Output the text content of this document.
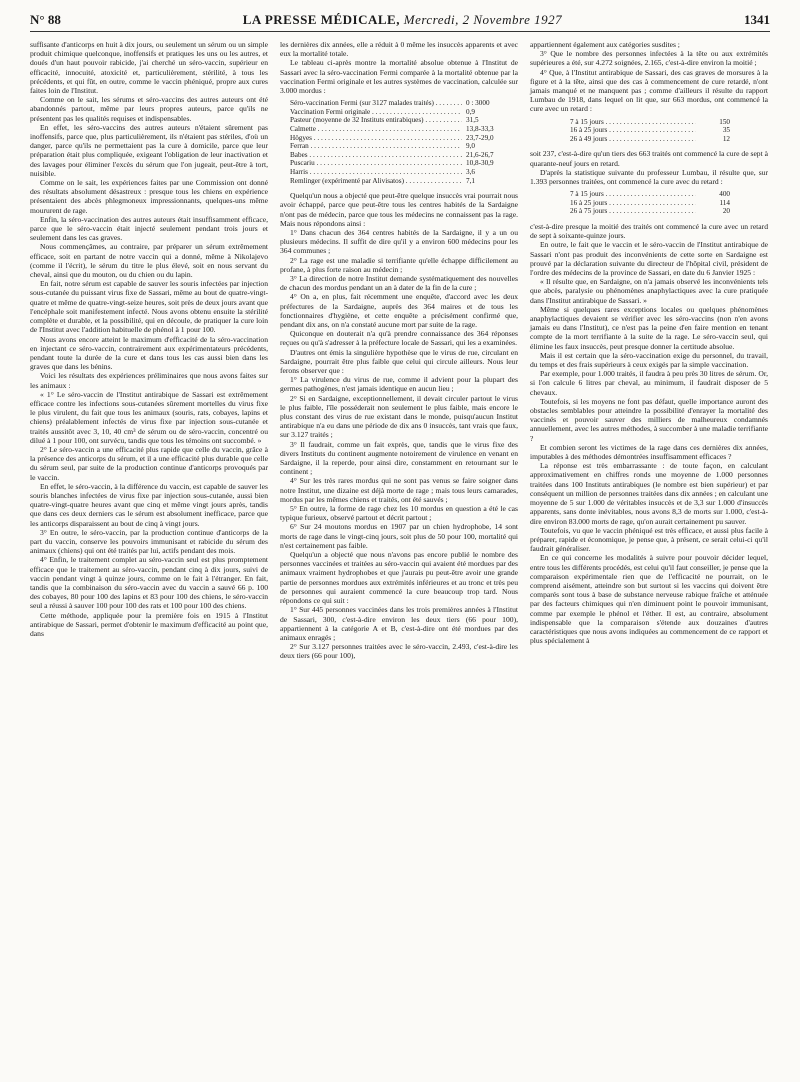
N° 88	LA PRESSE MÉDICALE, Mercredi, 2 Novembre 1927	1341

suffisante d'anticorps en huit à dix jours, ou seulement un sérum ou un simple produit chimique quelconque, inoffensifs et pratiques les uns ou les autres, et doués d'un haut pouvoir rabicide, j'ai cherché un séro-vaccin, supérieur en efficacité, innocuité, atoxicité et, particulièrement, stérilité, à tous les précédents, et qui fût, en outre, comme le vaccin phéniqué, propre aux cures faites loin de l'Institut.

Comme on le sait, les sérums et séro-vaccins des autres auteurs ont été abandonnés partout, même par leurs propres auteurs, parce qu'ils ne présentent pas les qualités requises et indispensables.

En effet, les séro-vaccins des autres auteurs n'étaient sûrement pas inoffensifs, parce que, plus particulièrement, ils n'étaient pas stériles, d'où un danger, parce qu'ils ne permettaient pas la cure à domicile, parce que leur préparation était plus compliquée, exigeant l'obligation de leur inactivation et des lavages pour éliminer l'excès du sérum que l'on jugeait, peut-être à tort, nuisible.

Comme on le sait, les expériences faites par une Commission ont donné des résultats absolument désastreux : presque tous les chiens en expérience présentaient des abcès phlegmoneux impressionnants, quelques-uns même moururent de rage.

Enfin, la séro-vaccination des autres auteurs était insuffisamment efficace, parce que le séro-vaccin était injecté seulement pendant trois jours et seulement dans les cas graves.

Nous commençâmes, au contraire, par préparer un sérum extrêmement efficace, soit en partant de notre vaccin qui a donné, même à Nikolajevo (comme il l'écrit), le sérum du titre le plus élevé, soit en nous servant du cheval, ainsi que du mouton, ou du chien ou du lapin.

En fait, notre sérum est capable de sauver les souris infectées par injection sous-cutanée du puissant virus fixe de Sassari, même au bout de quatre-vingt-quatre et même de quatre-vingt-seize heures, soit près de deux jours avant que l'encéphale soit manifestement infecté. Nous avons obtenu ensuite la stérilité complète et durable, et la possibilité, qui en découle, de pratiquer la cure loin de l'Institut avec l'addition habituelle de phénol à 1 pour 100.

Nous avons encore atteint le maximum d'efficacité de la séro-vaccination en injectant ce séro-vaccin, contrairement aux expérimentateurs précédents, pendant toute la durée de la cure et dans tous les cas aussi bien dans les graves que dans les bénins.

Voici les résultats des expériences préliminaires que nous avons faites sur les animaux :

« 1° Le séro-vaccin de l'Institut antirabique de Sassari est extrêmement efficace contre les infections sous-cutanées sûrement mortelles du virus fixe le plus virulent, du fait que tous les animaux (souris, rats, cobayes, lapins et chiens) préalablement infectés de virus fixe par injection sous-cutanée et traités aussitôt avec 3, 10, 40 cm³ de sérum ou de séro-vaccin, concentré ou dilué à 1 pour 100, ont survécu, tandis que tous les témoins ont succombé. »

2° Le séro-vaccin a une efficacité plus rapide que celle du vaccin, grâce à la présence des anticorps du sérum, et il a une efficacité plus durable que celle du sérum seul, par suite de la production continue d'anticorps provoqués par le vaccin.

En effet, le séro-vaccin, à la différence du vaccin, est capable de sauver les souris blanches infectées de virus fixe par injection sous-cutanée, aussi bien quatre-vingt-quatre heures avant que cinq et même vingt jours après, tandis que dans ces deux derniers cas le sérum est absolument inefficace, parce que les anticorps disparaissent au bout de cinq à vingt jours.

3° En outre, le séro-vaccin, par la production continue d'anticorps de la part du vaccin, conserve les pouvoirs immunisant et rabicide du sérum des animaux (chiens) qui ont été traités par lui, actifs pendant des mois.

4° Enfin, le traitement complet au séro-vaccin seul est plus promptement efficace que le traitement au séro-vaccin, pendant cinq à dix jours, suivi de vaccin pendant vingt à quinze jours, comme on le fait à l'étranger. En fait, tandis que la combinaison du séro-vaccin avec du vaccin a sauvé 66 p. 100 des cobayes, 80 pour 100 des lapins et 83 pour 100 des chiens, le séro-vaccin seul a réussi à sauver 100 pour 100 des rats et 100 pour 100 des chiens.

Cette méthode, appliquée pour la première fois en 1915 à l'Institut antirabique de Sassari, permet d'obtenir le maximum d'efficacité au point que, dans

les dernières dix années, elle a réduit à 0 même les insuccès apparents et avec eux la mortalité totale.

Le tableau ci-après montre la mortalité absolue obtenue à l'Institut de Sassari avec la séro-vaccination Fermi comparée à la mortalité obtenue par la vaccination Fermi originale et les autres systèmes de vaccination, calculée sur 3.000 mordus :

Séro-vaccination Fermi (sur 3127 malades traités) . . .	0 : 3000
Vaccination Fermi originale . . .	0,9
Pasteur (moyenne de 32 Instituts entirabiques) . . .	31,5
Calmette . . .	13,8-33,3
Högyes . . .	23,7-29,0
Ferran . . .	9,0
Babes . . .	21,6-26,7
Puscariu . . .	10,8-30,9
Harris . . .	3,6
Remlinger (expérimenté par Alivisatos) . . .	7,1

Quelqu'un nous a objecté que peut-être quelque insuccès vrai pourrait nous avoir échappé, parce que peut-être tous les centres habités de la Sardaigne n'ont pas de médecin, parce que tous les médecins ne connaissent pas la rage. Mais nous répondons ainsi :

1° Dans chacun des 364 centres habités de la Sardaigne, il y a un ou plusieurs médecins. Il suffit de dire qu'il y a environ 600 médecins pour les 364 communes ;

2° La rage est une maladie si terrifiante qu'elle échappe difficilement au profane, à plus forte raison au médecin ;

3° La direction de notre Institut demande systématiquement des nouvelles de chacun des mordus pendant un an à dater de la fin de la cure ;

4° On a, en plus, fait récemment une enquête, d'accord avec les deux préfectures de la Sardaigne, auprès des 364 maires et de tous les fonctionnaires d'hygiène, et cette enquête a précisément confirmé que, pendant dix ans, on n'a constaté aucune mort par suite de la rage.

Quiconque en douterait n'a qu'à prendre connaissance des 364 réponses reçues ou qu'à s'adresser à la préfecture locale de Sassari, qui les a examinées.

D'autres ont émis la singulière hypothèse que le virus de rue, circulant en Sardaigne, pourrait être plus faible que celui qui circule ailleurs. Nous leur ferons observer que :

1° La virulence du virus de rue, comme il advient pour la plupart des germes pathogènes, n'est jamais identique en aucun lieu ;

2° Si en Sardaigne, exceptionnellement, il devait circuler partout le virus le plus faible, l'île posséderait non seulement le plus faible, mais encore le plus constant des virus de rue existant dans le monde, puisqu'aucun Institut antirabique n'a eu dans une période de dix ans 0 insuccès, tant vrais que faux, sur 3.127 traités ;

3° Il faudrait, comme un fait exprès, que, tandis que le virus fixe des divers Instituts du continent augmente notoirement de virulence en venant en Sardaigne, il la reperde, pour ainsi dire, constamment en retournant sur le continent ;

4° Sur les très rares mordus qui ne sont pas venus se faire soigner dans notre Institut, une dizaine est déjà morte de rage ; mais tous leurs camarades, mordus par les mêmes chiens et traités, ont été sauvés ;

5° En outre, la forme de rage chez les 10 mordus en question a été le cas typique furieux, observé partout et décrit partout ;

6° Sur 24 moutons mordus en 1907 par un chien hydrophobe, 14 sont morts de rage dans le vingt-cinq jours, soit plus de 50 pour 100, mortalité qui n'est certainement pas faible.

Quelqu'un a objecté que nous n'avons pas encore publié le nombre des personnes vaccinées et traitées au séro-vaccin qui avaient été mordues par des animaux vraiment hydrophobes et que j'aurais pu peut-être avoir une grande partie de personnes mordues aux extrémités inférieures et au tronc et très peu de personnes qui auraient commencé la cure beaucoup trop tard. Nous répondons ce qui suit :

1° Sur 445 personnes vaccinées dans les trois premières années à l'Institut de Sassari, 300, c'est-à-dire environ les deux tiers (66 pour 100), appartiennent à la catégorie A et B, c'est-à-dire ont été mordues par des animaux enragés ;

2° Sur 3.127 personnes traitées avec le séro-vaccin, 2.493, c'est-à-dire les deux tiers (66 pour 100),

appartiennent également aux catégories susdites ;

3° Que le nombre des personnes infectées à la tête ou aux extrémités supérieures a été, sur 4.272 soignées, 2.165, c'est-à-dire environ la moitié ;

4° Que, à l'Institut antirabique de Sassari, des cas graves de morsures à la figure et à la tête, ainsi que des cas à commencement de cure retardé, n'ont jamais manqué et ne manquent pas ; comme d'ailleurs il résulte du rapport Lumbau de 1918, dans lequel on lit que, sur 663 mordus, ont commencé la cure avec un retard :

7 à 15 jours . . .	150
16 à 25 jours . . .	35
26 à 49 jours . . .	12

soit 237, c'est-à-dire qu'un tiers des 663 traités ont commencé la cure de sept à quarante-neuf jours en retard.

D'après la statistique suivante du professeur Lumbau, il résulte que, sur 1.393 personnes traitées, ont commencé la cure avec du retard :

7 à 15 jours . . .	400
16 à 25 jours . . .	114
26 à 75 jours . . .	20

c'est-à-dire presque la moitié des traités ont commencé la cure avec un retard de sept à soixante-quinze jours.

En outre, le fait que le vaccin et le séro-vaccin de l'Institut antirabique de Sassari n'ont pas produit des inconvénients de cette sorte en Sardaigne est prouvé par la déclaration suivante du directeur de l'hôpital civil, président de l'ordre des médecins de la province de Sassari, en date du 6 Janvier 1925 :

« Il résulte que, en Sardaigne, on n'a jamais observé les inconvénients tels que abcès, paralysie ou phénomènes anaphylactiques avec la cure pratiquée dans l'Institut antirabique de Sassari. »

Même si quelques rares exceptions locales ou quelques phénomènes anaphylactiques devaient se vérifier avec les séro-vaccins (non n'en avons jamais eu dans l'Institut), ce n'est pas la peine d'en faire mention en tenant compte de la mort terrifiante à la suite de la rage. Le séro-vaccin seul, qui élimine les faux insuccès, peut presque donner la certitude absolue.

Mais il est certain que la séro-vaccination exige du personnel, du travail, du temps et des frais supérieurs à ceux exigés par la simple vaccination.

Par exemple, pour 1.000 traités, il faudra à peu près 30 litres de sérum. Or, si l'on calcule 6 litres par cheval, au minimum, il faudrait disposer de 5 chevaux.

Toutefois, si les moyens ne font pas défaut, quelle importance auront des obstacles semblables pour atteindre la possibilité d'enrayer la mortalité des vaccinés et pouvoir sauver des milliers de malheureux condamnés annuellement, avec les autres méthodes, à succomber à une maladie terrifiante ?

Et combien seront les victimes de la rage dans ces dernières dix années, imputables à des méthodes démontrées insuffisamment efficaces ?

La réponse est très embarrassante : de toute façon, en calculant approximativement en chiffres ronds une moyenne de 1.000 personnes traitées dans 100 Instituts antirabiques (le nombre est bien supérieur) et par conséquent un million de personnes traitées dans dix années ; en calculant une moyenne de 5 sur 1.000 de véritables insuccès et de 3,3 sur 1.000 d'insuccès apparents, sans donte inévitables, nous avons 8,3 de morts sur 1.000, c'est-à-dire environ 83.000 morts de rage, qu'on aurait certainement pu sauver.

Toutefois, vu que le vaccin phéniqué est très efficace, et aussi plus facile à préparer, rapide et économique, je pense que, à présent, ce serait celui-ci qu'il faudrait généraliser.

En ce qui concerne les modalités à suivre pour pouvoir décider lequel, entre tous les différents procédés, est celui qu'il faut conseiller, je pense que la comparaison expérimentale rien que de l'efficacité ne pourrait, on le comprend aisément, atteindre son but surtout si les vaccins qui doivent être comparés sont tous à base de substance nerveuse rabique fraîche et atténuée par des facteurs chimiques qui n'en diminuent point le pouvoir immunisant, comme par exemple le phénol et l'éther. Il est, au contraire, absolument indispensable que la comparaison s'étende aux douzaines d'autres caractéristiques que nous avons indiquées au commencement de ce rapport et plus spécialement à
